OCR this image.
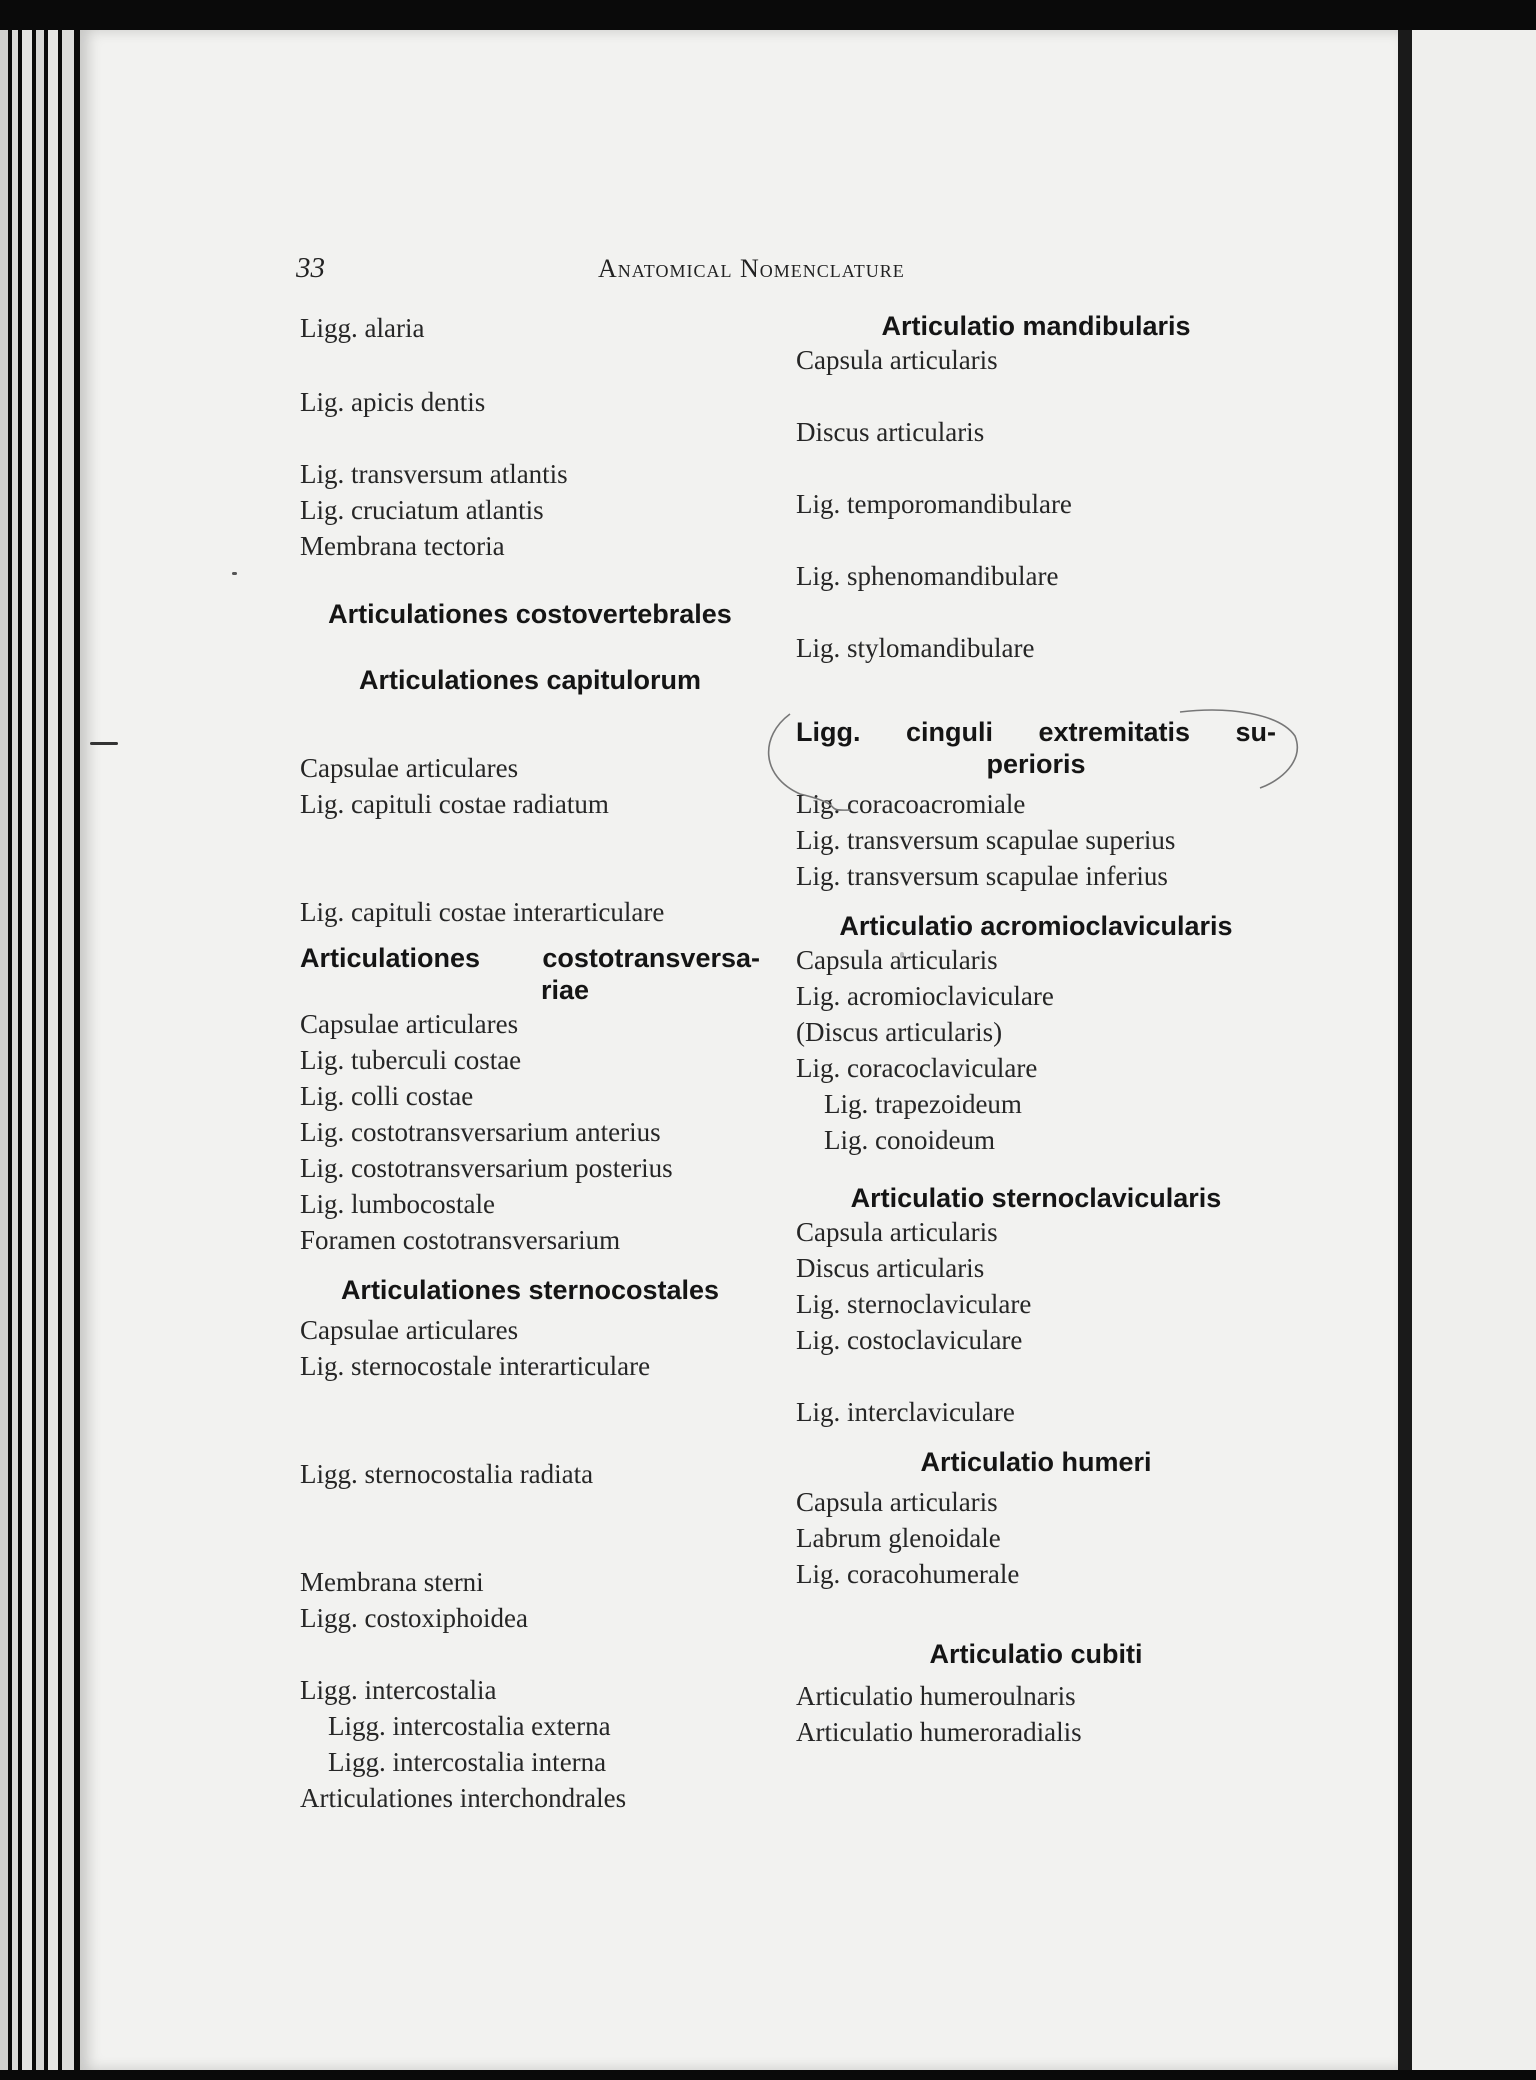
33	Anatomical Nomenclature
Ligg. alaria
Lig. apicis dentis
Lig. transversum atlantis
Lig. cruciatum atlantis
Membrana tectoria
Articulationes costovertebrales
Articulationes capitulorum
Capsulae articulares
Lig. capituli costae radiatum
Lig. capituli costae interarticulare
Articulationes costotransversa-
riae
Capsulae articulares
Lig. tuberculi costae
Lig. colli costae
Lig. costotransversarium anterius
Lig. costotransversarium posterius
Lig. lumbocostale
Foramen costotransversarium
Articulationes sternocostales
Capsulae articulares
Lig. sternocostale interarticulare
Ligg. sternocostalia radiata
Membrana sterni
Ligg. costoxiphoidea
Ligg. intercostalia
Ligg. intercostalia externa
Ligg. intercostalia interna
Articulationes interchondrales
Articulatio mandibularis
Capsula articularis
Discus articularis
Lig. temporomandibulare
Lig. sphenomandibulare
Lig. stylomandibulare
Ligg. cinguli extremitatis su-
perioris
Lig. coracoacromiale
Lig. transversum scapulae superius
Lig. transversum scapulae inferius
Articulatio acromioclavicularis
Capsula articularis
Lig. acromioclaviculare
(Discus articularis)
Lig. coracoclaviculare
Lig. trapezoideum
Lig. conoideum
Articulatio sternoclavicularis
Capsula articularis
Discus articularis
Lig. sternoclaviculare
Lig. costoclaviculare
Lig. interclaviculare
Articulatio humeri
Capsula articularis
Labrum glenoidale
Lig. coracohumerale
Articulatio cubiti
Articulatio humeroulnaris
Articulatio humeroradialis
